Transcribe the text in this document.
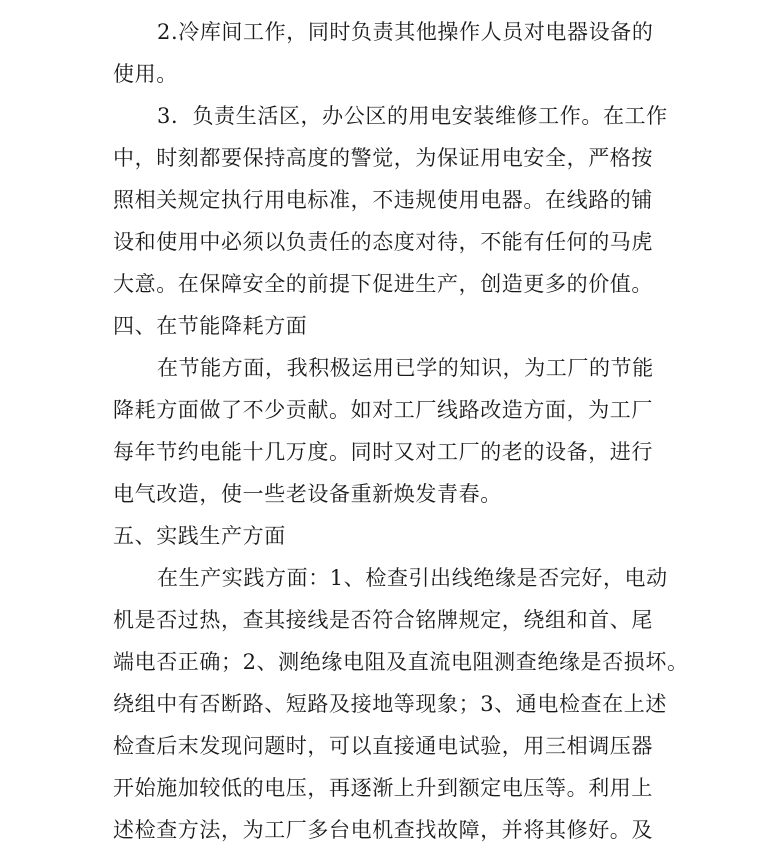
2.冷库间工作，同时负责其他操作人员对电器设备的
使用。
3．负责生活区，办公区的用电安装维修工作。在工作
中，时刻都要保持高度的警觉，为保证用电安全，严格按
照相关规定执行用电标准，不违规使用电器。在线路的铺
设和使用中必须以负责任的态度对待，不能有任何的马虎
大意。在保障安全的前提下促进生产，创造更多的价值。
四、在节能降耗方面
在节能方面，我积极运用已学的知识，为工厂的节能
降耗方面做了不少贡献。如对工厂线路改造方面，为工厂
每年节约电能十几万度。同时又对工厂的老的设备，进行
电气改造，使一些老设备重新焕发青春。
五、实践生产方面
在生产实践方面：1、检查引出线绝缘是否完好，电动
机是否过热，查其接线是否符合铭牌规定，绕组和首、尾
端电否正确；2、测绝缘电阻及直流电阻测查绝缘是否损坏。
绕组中有否断路、短路及接地等现象；3、通电检查在上述
检查后末发现问题时，可以直接通电试验，用三相调压器
开始施加较低的电压，再逐渐上升到额定电压等。利用上
述检查方法，为工厂多台电机查找故障，并将其修好。及
